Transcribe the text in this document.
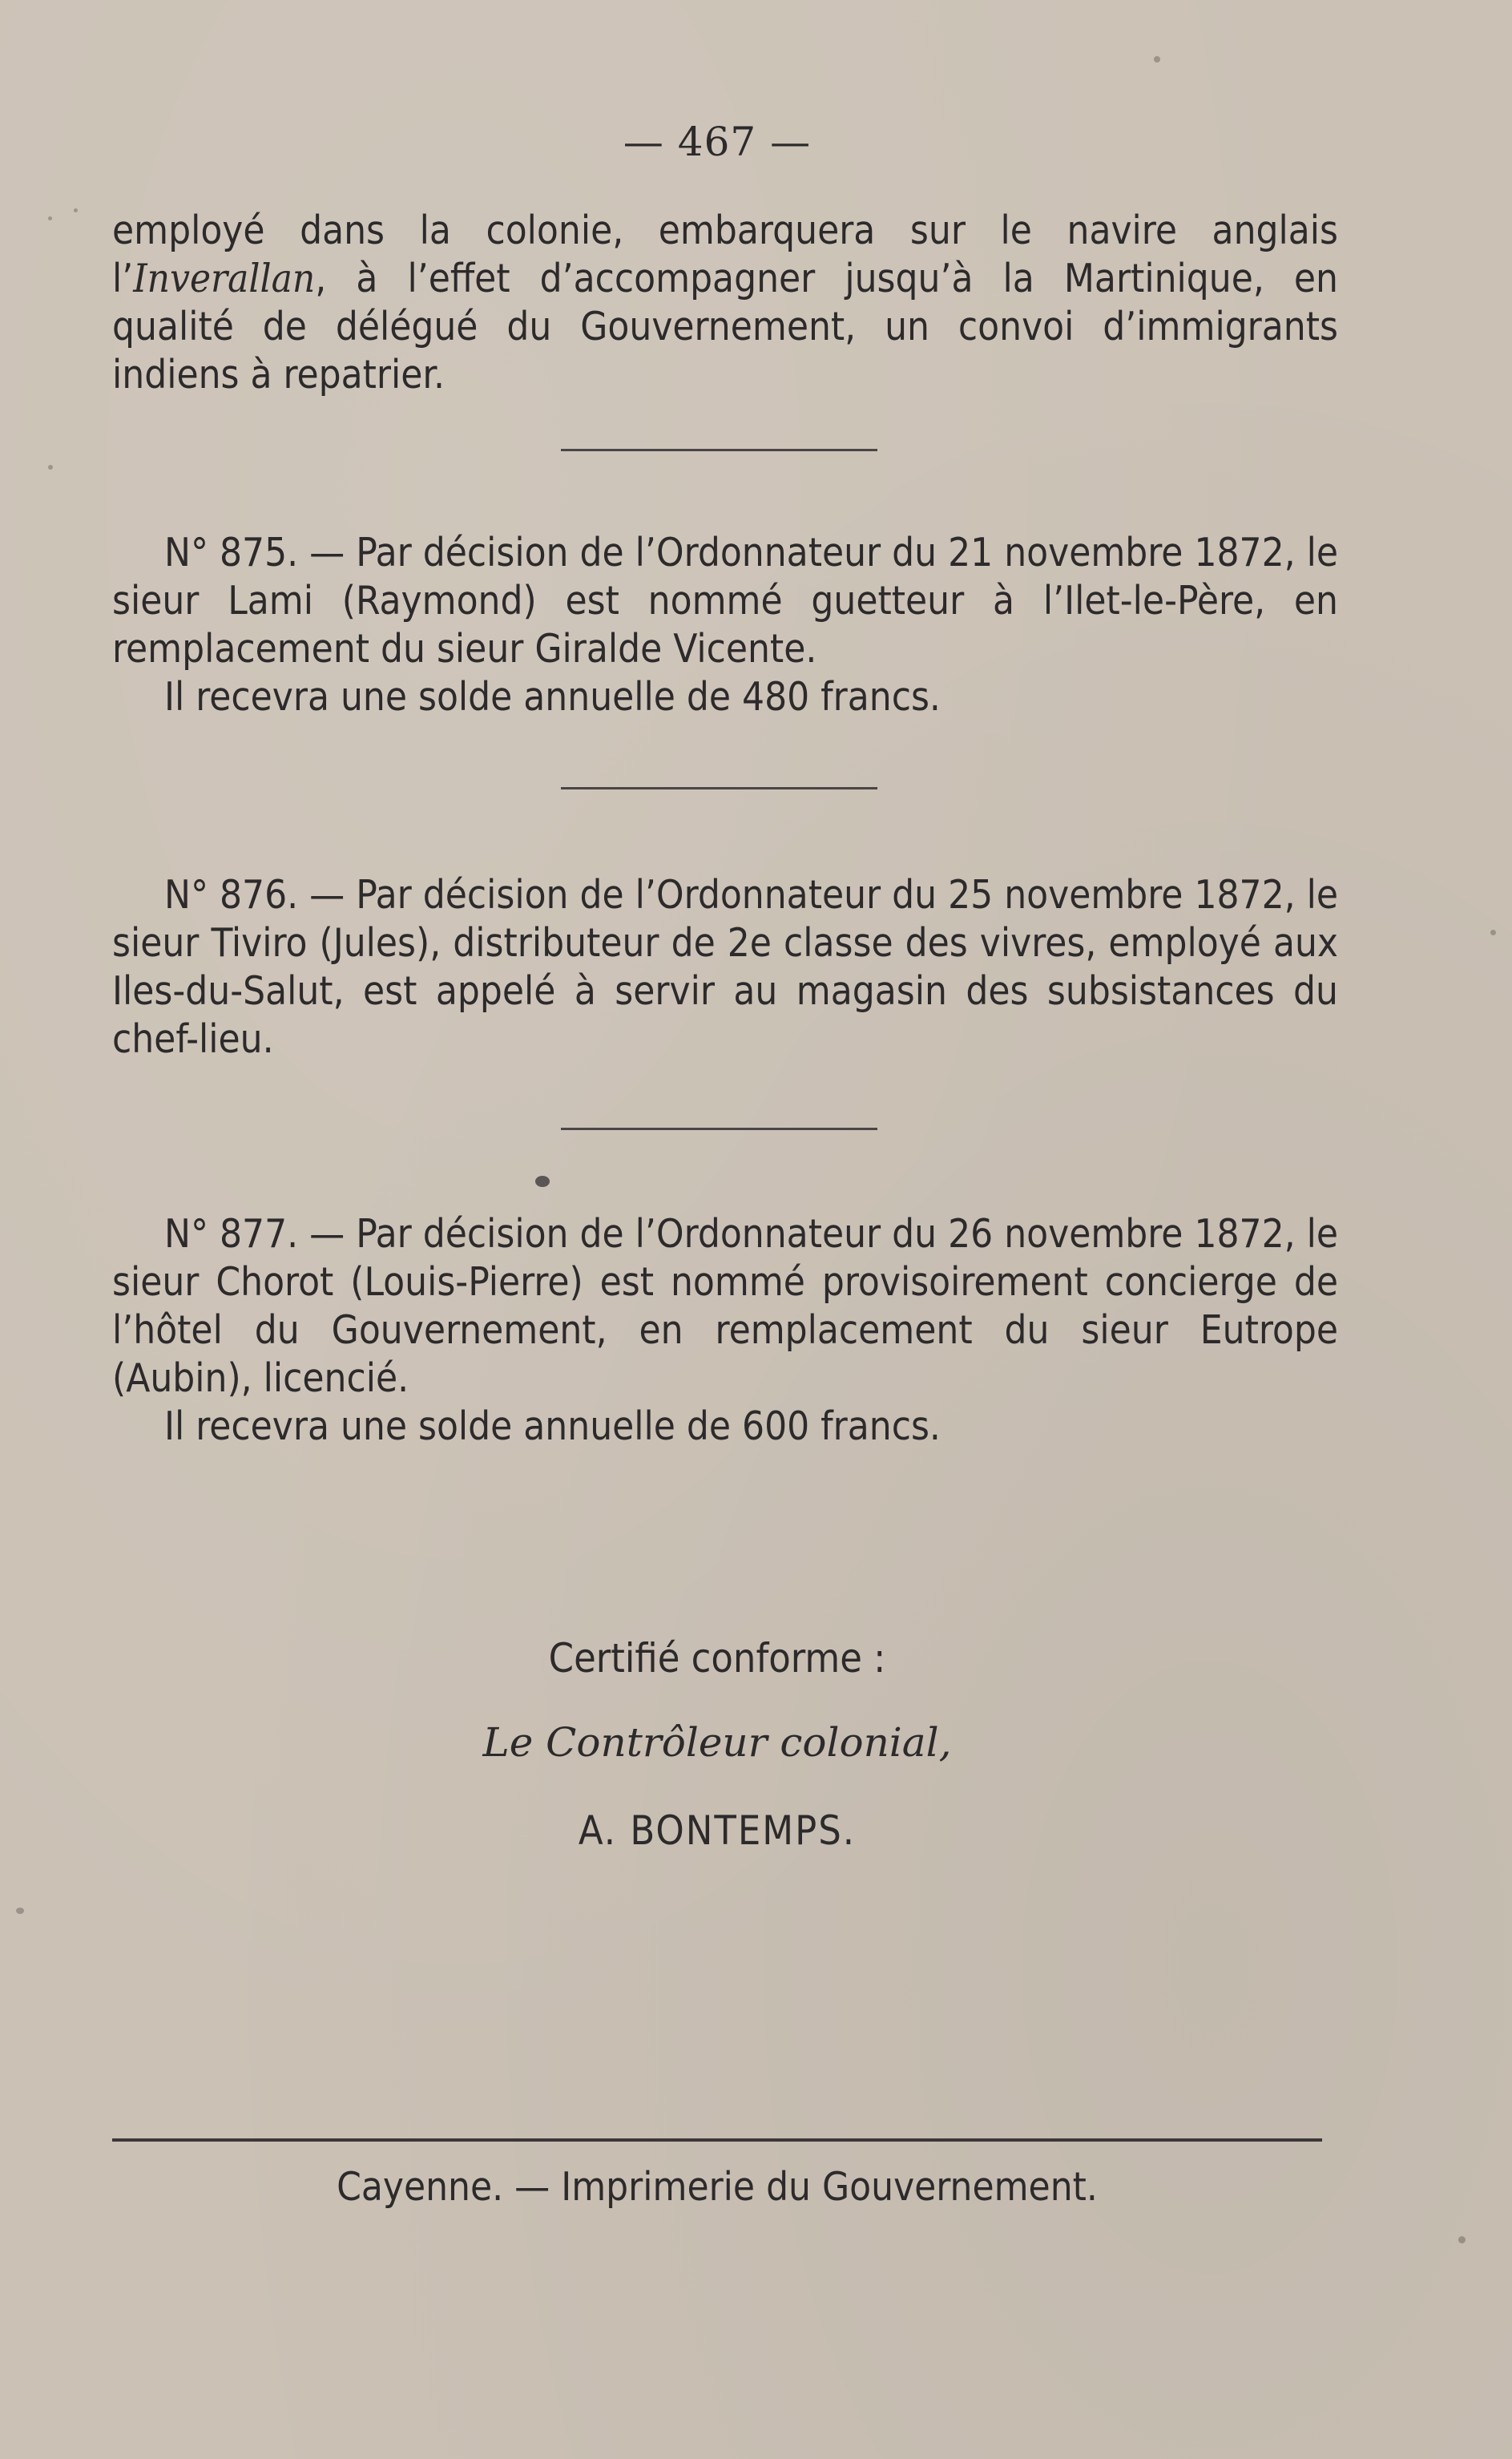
— 467 —

employé dans la colonie, embarquera sur le navire anglais l’Inverallan, à l’effet d’accompagner jusqu’à la Martinique, en qualité de délégué du Gouvernement, un convoi d’immigrants indiens à repatrier.

N° 875. — Par décision de l’Ordonnateur du 21 novembre 1872, le sieur Lami (Raymond) est nommé guetteur à l’Ilet-le-Père, en remplacement du sieur Giralde Vicente.

Il recevra une solde annuelle de 480 francs.

N° 876. — Par décision de l’Ordonnateur du 25 novembre 1872, le sieur Tiviro (Jules), distributeur de 2e classe des vivres, employé aux Iles-du-Salut, est appelé à servir au magasin des subsistances du chef-lieu.

N° 877. — Par décision de l’Ordonnateur du 26 novembre 1872, le sieur Chorot (Louis-Pierre) est nommé provisoirement concierge de l’hôtel du Gouvernement, en remplacement du sieur Eutrope (Aubin), licencié.

Il recevra une solde annuelle de 600 francs.

Certifié conforme :
Le Contrôleur colonial,
A. BONTEMPS.
Cayenne. — Imprimerie du Gouvernement.
